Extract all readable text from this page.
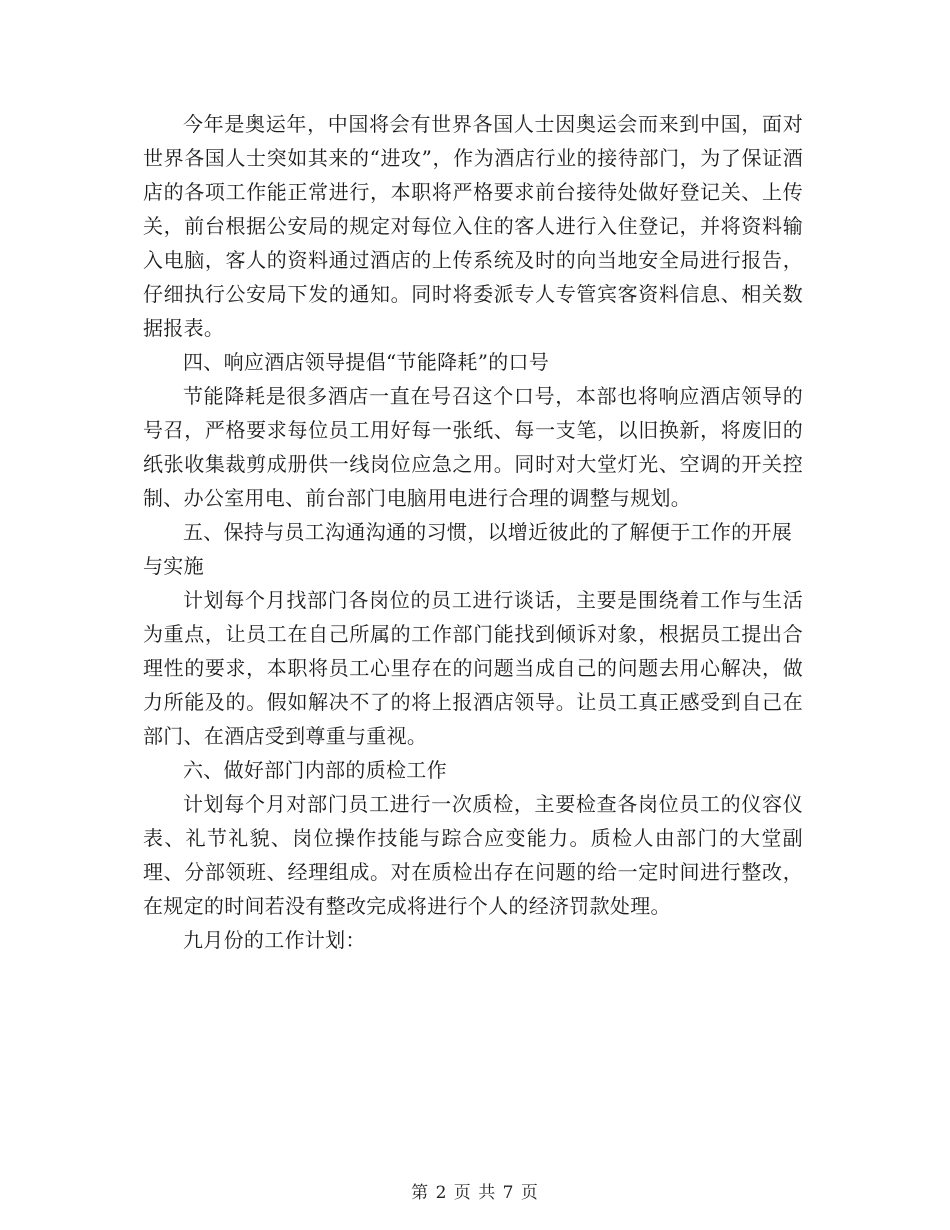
今年是奥运年，中国将会有世界各国人士因奥运会而来到中国，面对世界各国人士突如其来的“进攻”，作为酒店行业的接待部门，为了保证酒店的各项工作能正常进行，本职将严格要求前台接待处做好登记关、上传关，前台根据公安局的规定对每位入住的客人进行入住登记，并将资料输入电脑，客人的资料通过酒店的上传系统及时的向当地安全局进行报告，仔细执行公安局下发的通知。同时将委派专人专管宾客资料信息、相关数据报表。

四、响应酒店领导提倡“节能降耗”的口号

节能降耗是很多酒店一直在号召这个口号，本部也将响应酒店领导的号召，严格要求每位员工用好每一张纸、每一支笔，以旧换新，将废旧的纸张收集裁剪成册供一线岗位应急之用。同时对大堂灯光、空调的开关控制、办公室用电、前台部门电脑用电进行合理的调整与规划。

五、保持与员工沟通沟通的习惯，以增近彼此的了解便于工作的开展与实施

计划每个月找部门各岗位的员工进行谈话，主要是围绕着工作与生活为重点，让员工在自己所属的工作部门能找到倾诉对象，根据员工提出合理性的要求，本职将员工心里存在的问题当成自己的问题去用心解决，做力所能及的。假如解决不了的将上报酒店领导。让员工真正感受到自己在部门、在酒店受到尊重与重视。

六、做好部门内部的质检工作

计划每个月对部门员工进行一次质检，主要检查各岗位员工的仪容仪表、礼节礼貌、岗位操作技能与踪合应变能力。质检人由部门的大堂副理、分部领班、经理组成。对在质检出存在问题的给一定时间进行整改，在规定的时间若没有整改完成将进行个人的经济罚款处理。

九月份的工作计划：

第 2 页 共 7 页
